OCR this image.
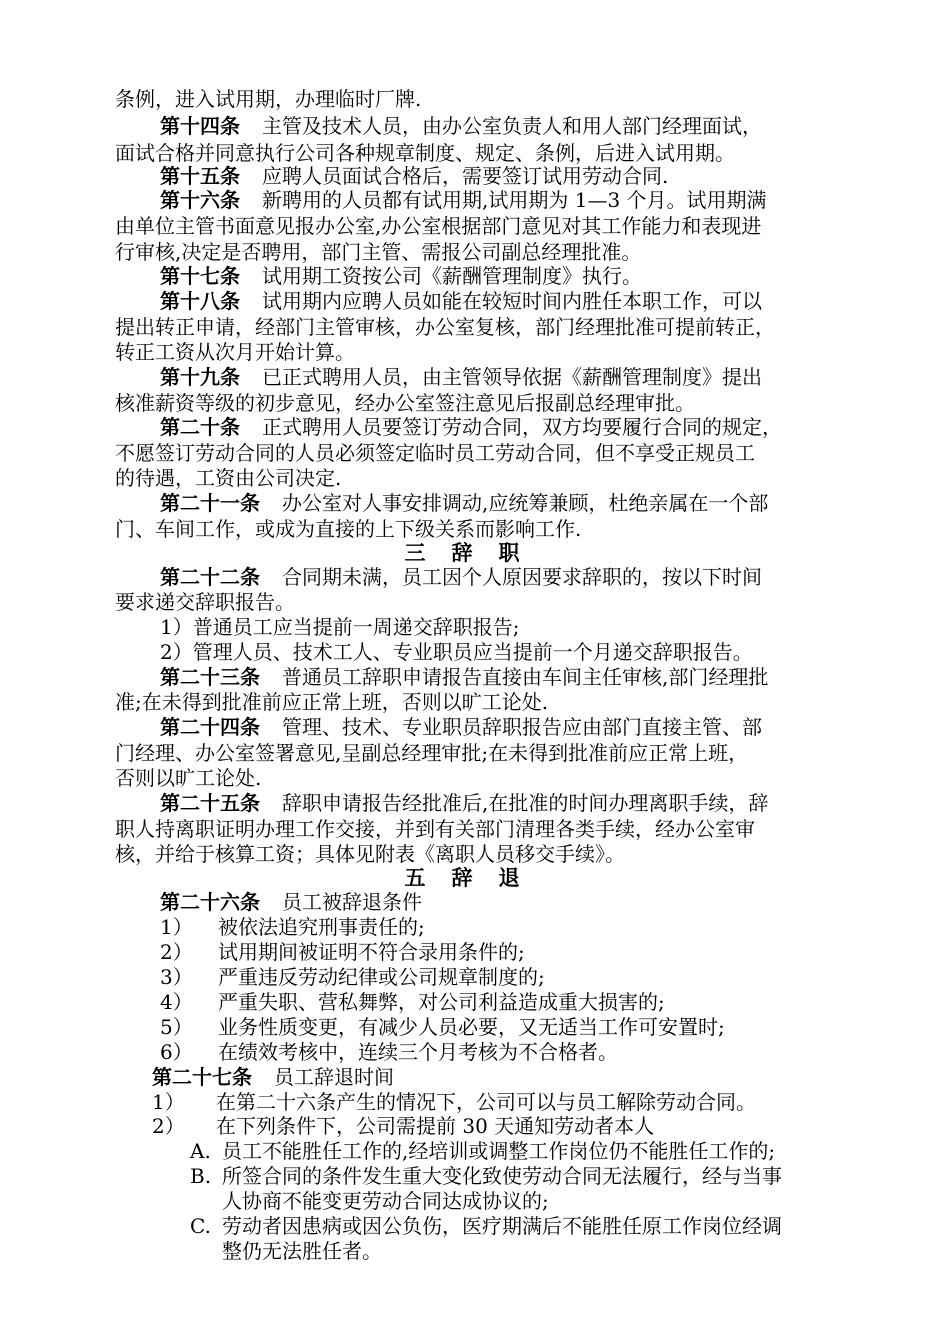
条例，进入试用期，办理临时厂牌.
第十四条 主管及技术人员，由办公室负责人和用人部门经理面试，
面试合格并同意执行公司各种规章制度、规定、条例，后进入试用期。
第十五条 应聘人员面试合格后，需要签订试用劳动合同.
第十六条 新聘用的人员都有试用期,试用期为 1—3 个月。试用期满
由单位主管书面意见报办公室,办公室根据部门意见对其工作能力和表现进
行审核,决定是否聘用，部门主管、需报公司副总经理批准。
第十七条 试用期工资按公司《薪酬管理制度》执行。
第十八条 试用期内应聘人员如能在较短时间内胜任本职工作，可以
提出转正申请，经部门主管审核，办公室复核，部门经理批准可提前转正，
转正工资从次月开始计算。
第十九条 已正式聘用人员，由主管领导依据《薪酬管理制度》提出
核准薪资等级的初步意见，经办公室签注意见后报副总经理审批。
第二十条 正式聘用人员要签订劳动合同，双方均要履行合同的规定，
不愿签订劳动合同的人员必须签定临时员工劳动合同，但不享受正规员工
的待遇，工资由公司决定.
第二十一条 办公室对人事安排调动,应统筹兼顾，杜绝亲属在一个部
门、车间工作，或成为直接的上下级关系而影响工作.
三辞职
第二十二条 合同期未满，员工因个人原因要求辞职的，按以下时间
要求递交辞职报告。
1）普通员工应当提前一周递交辞职报告;
2）管理人员、技术工人、专业职员应当提前一个月递交辞职报告。
第二十三条 普通员工辞职申请报告直接由车间主任审核,部门经理批
准;在未得到批准前应正常上班，否则以旷工论处.
第二十四条 管理、技术、专业职员辞职报告应由部门直接主管、部
门经理、办公室签署意见,呈副总经理审批;在未得到批准前应正常上班，
否则以旷工论处.
第二十五条 辞职申请报告经批准后,在批准的时间办理离职手续，辞
职人持离职证明办理工作交接，并到有关部门清理各类手续，经办公室审
核，并给于核算工资；具体见附表《离职人员移交手续》。
五辞退
第二十六条 员工被辞退条件
1） 被依法追究刑事责任的;
2） 试用期间被证明不符合录用条件的;
3） 严重违反劳动纪律或公司规章制度的;
4） 严重失职、营私舞弊，对公司利益造成重大损害的;
5） 业务性质变更，有减少人员必要，又无适当工作可安置时;
6） 在绩效考核中，连续三个月考核为不合格者。
第二十七条 员工辞退时间
1） 在第二十六条产生的情况下，公司可以与员工解除劳动合同。
2） 在下列条件下，公司需提前 30 天通知劳动者本人
A. 员工不能胜任工作的,经培训或调整工作岗位仍不能胜任工作的;
B. 所签合同的条件发生重大变化致使劳动合同无法履行，经与当事
人协商不能变更劳动合同达成协议的;
C. 劳动者因患病或因公负伤，医疗期满后不能胜任原工作岗位经调
整仍无法胜任者。
